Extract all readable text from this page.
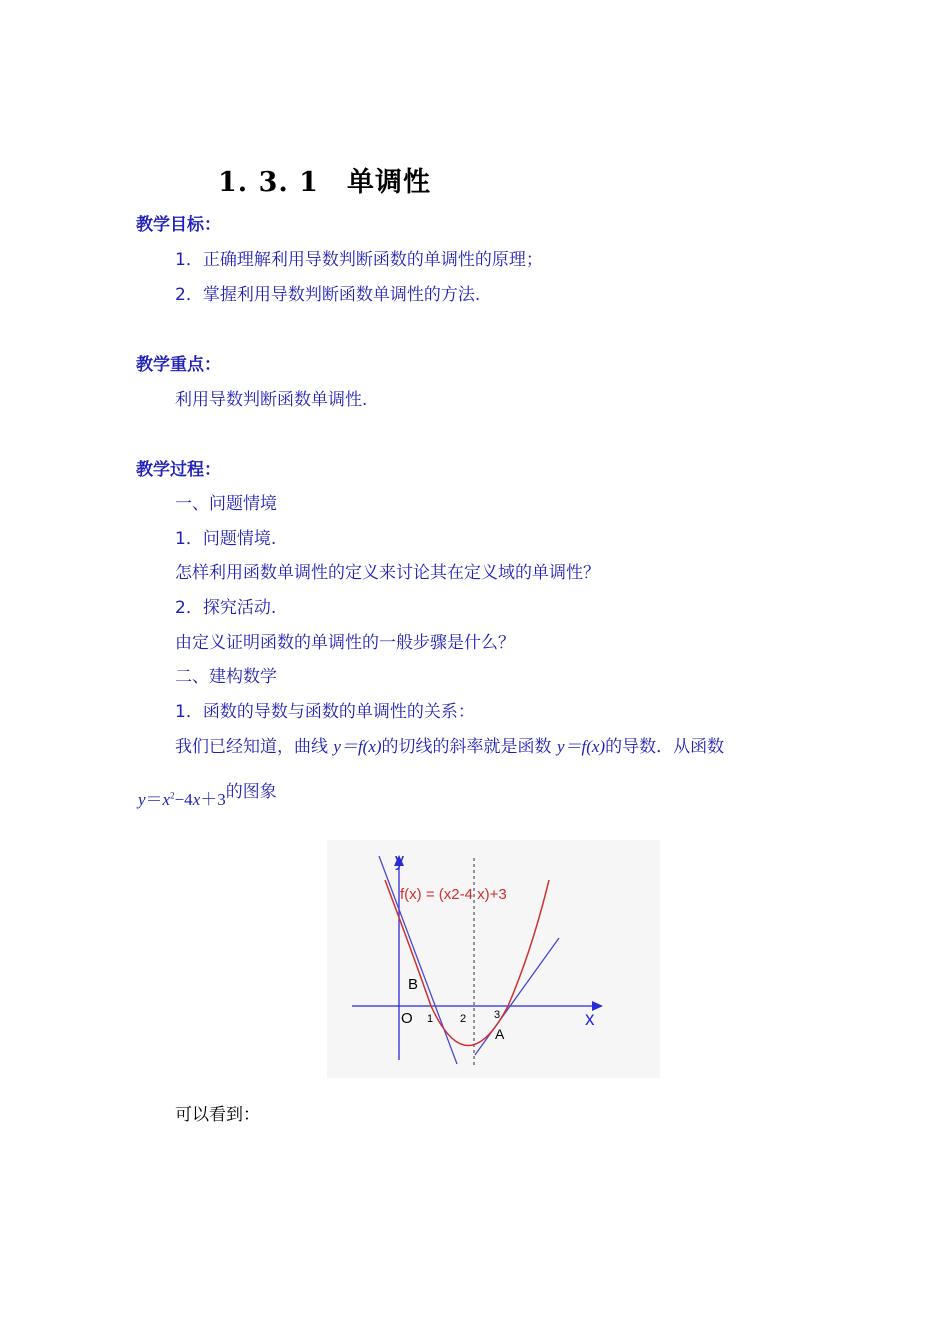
1. 3. 1　单调性
教学目标：
1．正确理解利用导数判断函数的单调性的原理；
2．掌握利用导数判断函数单调性的方法.
教学重点：
利用导数判断函数单调性.
教学过程：
一、问题情境
1．问题情境.
怎样利用函数单调性的定义来讨论其在定义域的单调性？
2．探究活动.
由定义证明函数的单调性的一般步骤是什么？
二、建构数学
1．函数的导数与函数的单调性的关系：
我们已经知道，曲线 y＝f(x)的切线的斜率就是函数 y＝f(x)的导数．从函数
$y=x^2-4x+3$的图象
y
x
f(x) = (x2-4 x)+3
O
B
A
1 2	3
可以看到：
